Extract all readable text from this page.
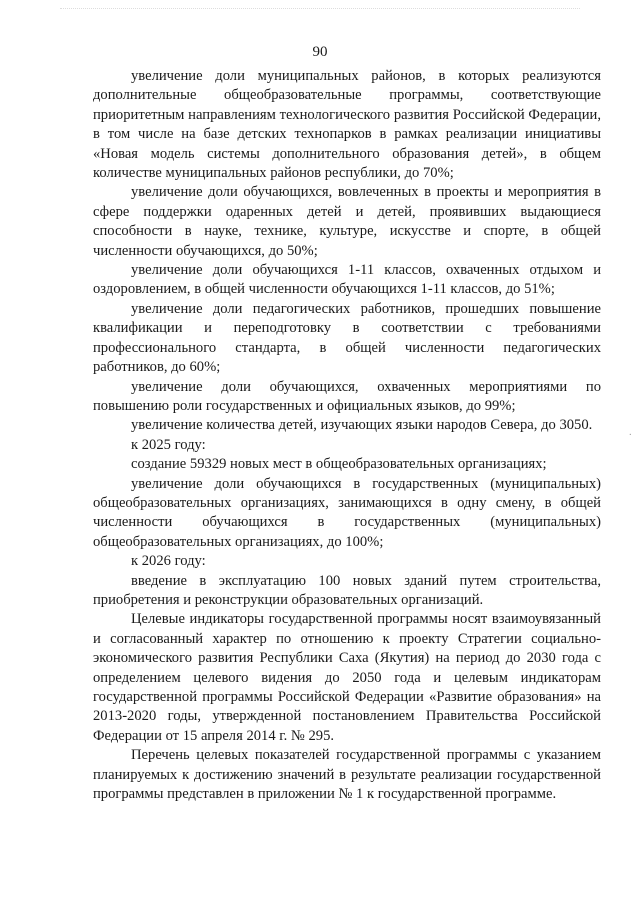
90

увеличение доли муниципальных районов, в которых реализуются дополнительные общеобразовательные программы, соответствующие приоритетным направлениям технологического развития Российской Федерации, в том числе на базе детских технопарков в рамках реализации инициативы «Новая модель системы дополнительного образования детей», в общем количестве муниципальных районов республики, до 70%;

увеличение доли обучающихся, вовлеченных в проекты и мероприятия в сфере поддержки одаренных детей и детей, проявивших выдающиеся способности в науке, технике, культуре, искусстве и спорте, в общей численности обучающихся, до 50%;

увеличение доли обучающихся 1-11 классов, охваченных отдыхом и оздоровлением, в общей численности обучающихся 1-11 классов, до 51%;

увеличение доли педагогических работников, прошедших повышение квалификации и переподготовку в соответствии с требованиями профессионального стандарта, в общей численности педагогических работников, до 60%;

увеличение доли обучающихся, охваченных мероприятиями по повышению роли государственных и официальных языков, до 99%;

увеличение количества детей, изучающих языки народов Севера, до 3050.

к 2025 году:

создание 59329 новых мест в общеобразовательных организациях;

увеличение доли обучающихся в государственных (муниципальных) общеобразовательных организациях, занимающихся в одну смену, в общей численности обучающихся в государственных (муниципальных) общеобразовательных организациях, до 100%;

к 2026 году:

введение в эксплуатацию 100 новых зданий путем строительства, приобретения и реконструкции образовательных организаций.

Целевые индикаторы государственной программы носят взаимоувязанный и согласованный характер по отношению к проекту Стратегии социально-экономического развития Республики Саха (Якутия) на период до 2030 года с определением целевого видения до 2050 года и целевым индикаторам государственной программы Российской Федерации «Развитие образования» на 2013-2020 годы, утвержденной постановлением Правительства Российской Федерации от 15 апреля 2014 г. № 295.

Перечень целевых показателей государственной программы с указанием планируемых к достижению значений в результате реализации государственной программы представлен в приложении № 1 к государственной программе.

·
